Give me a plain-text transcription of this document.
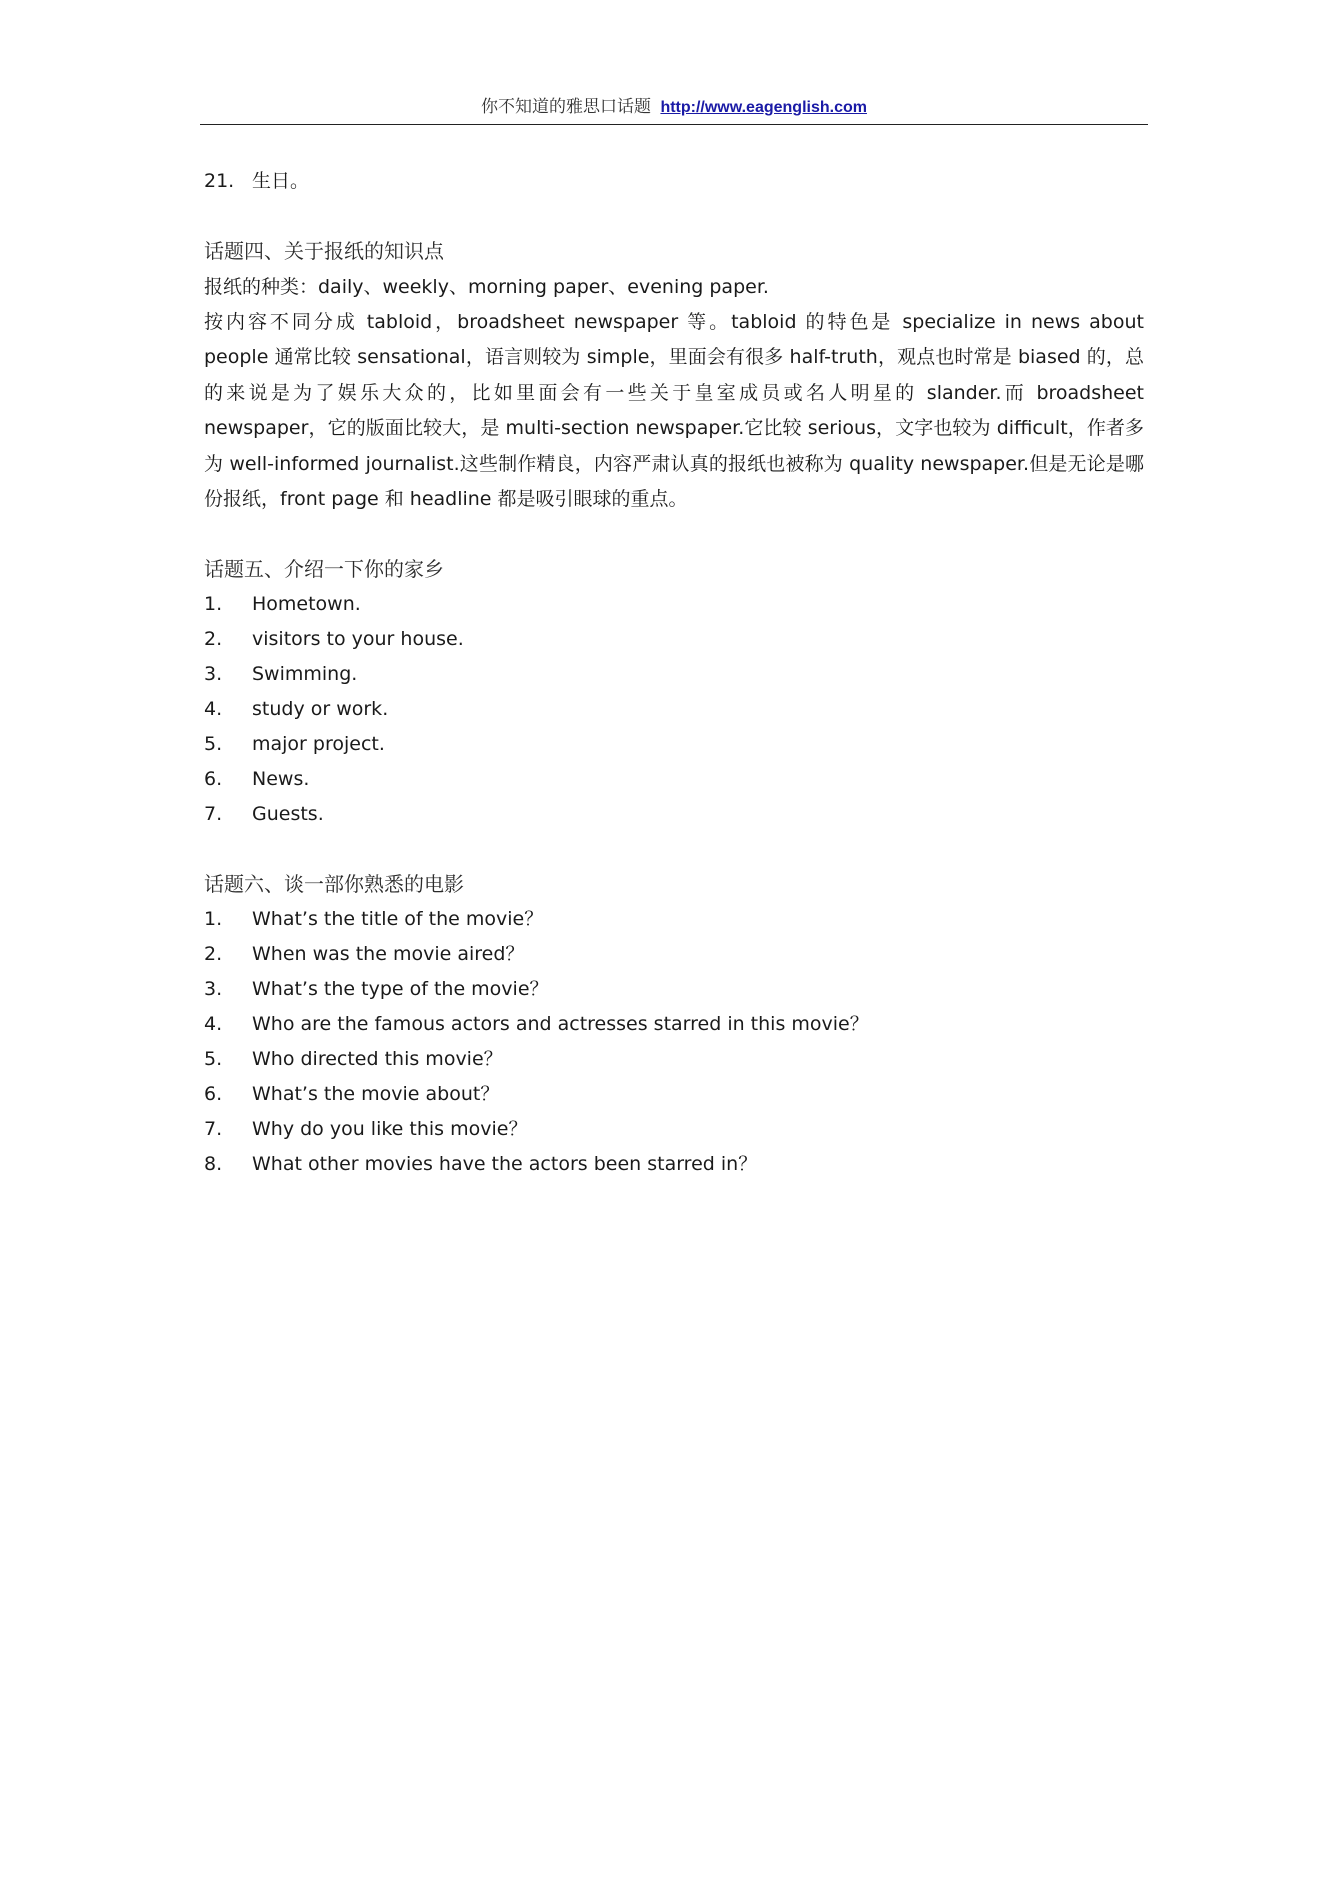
你不知道的雅思口话题 http://www.eagenglish.com
21. 生日。
话题四、关于报纸的知识点
报纸的种类：daily、weekly、morning paper、evening paper.

按内容不同分成 tabloid，broadsheet newspaper 等。tabloid 的特色是 specialize in news about people 通常比较 sensational，语言则较为 simple，里面会有很多 half-truth，观点也时常是 biased 的，总的来说是为了娱乐大众的，比如里面会有一些关于皇室成员或名人明星的 slander.而 broadsheet newspaper，它的版面比较大，是 multi-section newspaper.它比较 serious，文字也较为 difficult，作者多为 well-informed journalist.这些制作精良，内容严肃认真的报纸也被称为 quality newspaper.但是无论是哪份报纸，front page 和 headline 都是吸引眼球的重点。

话题五、介绍一下你的家乡
1. Hometown.
2. visitors to your house.
3. Swimming.
4. study or work.
5. major project.
6. News.
7. Guests.
话题六、谈一部你熟悉的电影
1. What’s the title of the movie？
2. When was the movie aired？
3. What’s the type of the movie？
4. Who are the famous actors and actresses starred in this movie？
5. Who directed this movie？
6. What’s the movie about？
7. Why do you like this movie？
8. What other movies have the actors been starred in？
